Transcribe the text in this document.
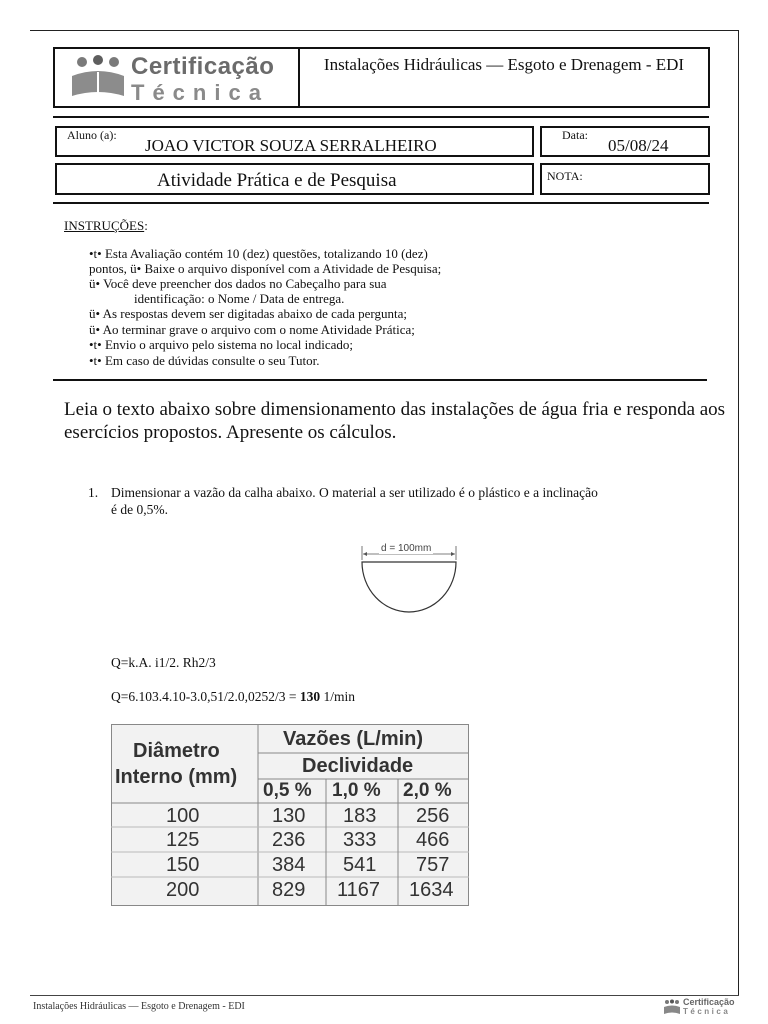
Certificação
Técnica
Instalações Hidráulicas — Esgoto e Drenagem - EDI
Aluno (a):
JOAO VICTOR SOUZA SERRALHEIRO
Data:
05/08/24
Atividade Prática e de Pesquisa	NOTA:
INSTRUÇÕES:
•t• Esta Avaliação contém 10 (dez) questões, totalizando 10 (dez)
pontos, ü• Baixe o arquivo disponível com a Atividade de Pesquisa;
ü• Você deve preencher dos dados no Cabeçalho para sua
identificação: o Nome / Data de entrega.
ü• As respostas devem ser digitadas abaixo de cada pergunta;
ü• Ao terminar grave o arquivo com o nome Atividade Prática;
•t• Envio o arquivo pelo sistema no local indicado;
•t• Em caso de dúvidas consulte o seu Tutor.
Leia o texto abaixo sobre dimensionamento das instalações de água fria e responda aos esercícios propostos. Apresente os cálculos.
1. Dimensionar a vazão da calha abaixo. O material a ser utilizado é o plástico e a inclinação
é de 0,5%.
d = 100mm
Q=k.A. i1/2. Rh2/3
Q=6.103.4.10-3.0,51/2.0,0252/3 = 130 1/min
Diâmetro
Interno (mm)
Vazões (L/min)
Declividade
0,5 % 1,0 % 2,0 %
100	130 183 256
125	236 333 466
150	384 541 757
200	829 1167 1634
Instalações Hidráulicas — Esgoto e Drenagem - EDI	Certificação
Técnica
